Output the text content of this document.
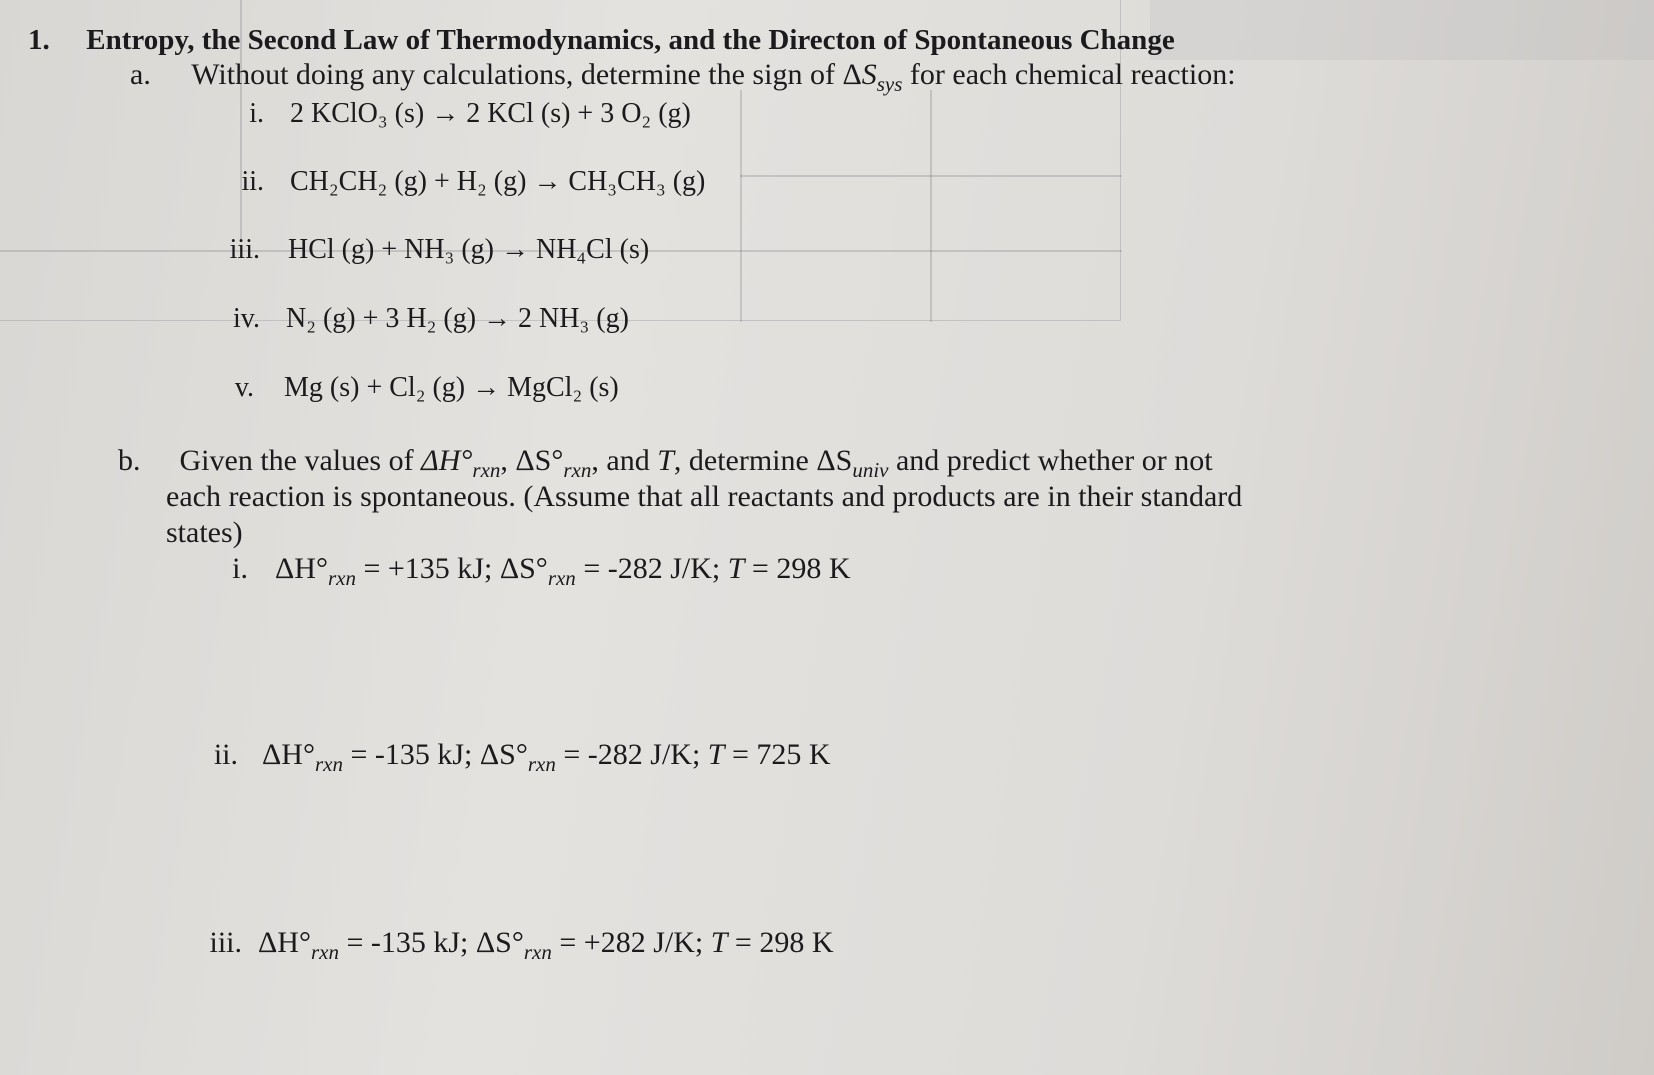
1. Entropy, the Second Law of Thermodynamics, and the Directon of Spontaneous Change
a. Without doing any calculations, determine the sign of $\Delta S_{sys}$ for each chemical reaction:
i. 2 KClO₃ (s) → 2 KCl (s) + 3 O₂ (g)
ii. CH₂CH₂ (g) + H₂ (g) → CH₃CH₃ (g)
iii. HCl (g) + NH₃ (g) → NH₄Cl (s)
iv. N₂ (g) + 3 H₂ (g) → 2 NH₃ (g)
v. Mg (s) + Cl₂ (g) → MgCl₂ (s)
b. Given the values of $\Delta H^\circ_{rxn}$, $\Delta S^\circ_{rxn}$, and T, determine $\Delta S_{univ}$ and predict whether or not
each reaction is spontaneous. (Assume that all reactants and products are in their standard
states)
i. $\Delta H^\circ_{rxn} = +135$ kJ; $\Delta S^\circ_{rxn} = -282$ J/K; T = 298 K
ii. $\Delta H^\circ_{rxn} = -135$ kJ; $\Delta S^\circ_{rxn} = -282$ J/K; T = 725 K
iii. $\Delta H^\circ_{rxn} = -135$ kJ; $\Delta S^\circ_{rxn} = +282$ J/K; T = 298 K
